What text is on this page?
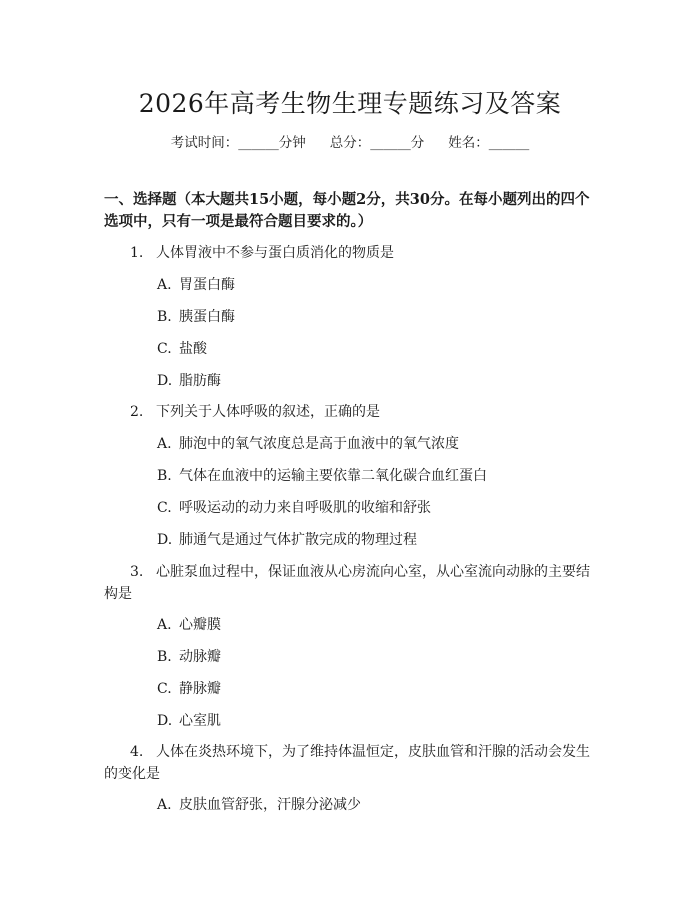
2026年高考生物生理专题练习及答案
考试时间：______分钟 总分：______分 姓名：______
一、选择题（本大题共15小题，每小题2分，共30分。在每小题列出的四个选项中，只有一项是最符合题目要求的。）
1. 人体胃液中不参与蛋白质消化的物质是
A. 胃蛋白酶
B. 胰蛋白酶
C. 盐酸
D. 脂肪酶
2. 下列关于人体呼吸的叙述，正确的是
A. 肺泡中的氧气浓度总是高于血液中的氧气浓度
B. 气体在血液中的运输主要依靠二氧化碳合血红蛋白
C. 呼吸运动的动力来自呼吸肌的收缩和舒张
D. 肺通气是通过气体扩散完成的物理过程
3. 心脏泵血过程中，保证血液从心房流向心室，从心室流向动脉的主要结构是
A. 心瓣膜
B. 动脉瓣
C. 静脉瓣
D. 心室肌
4. 人体在炎热环境下，为了维持体温恒定，皮肤血管和汗腺的活动会发生的变化是
A. 皮肤血管舒张，汗腺分泌减少
